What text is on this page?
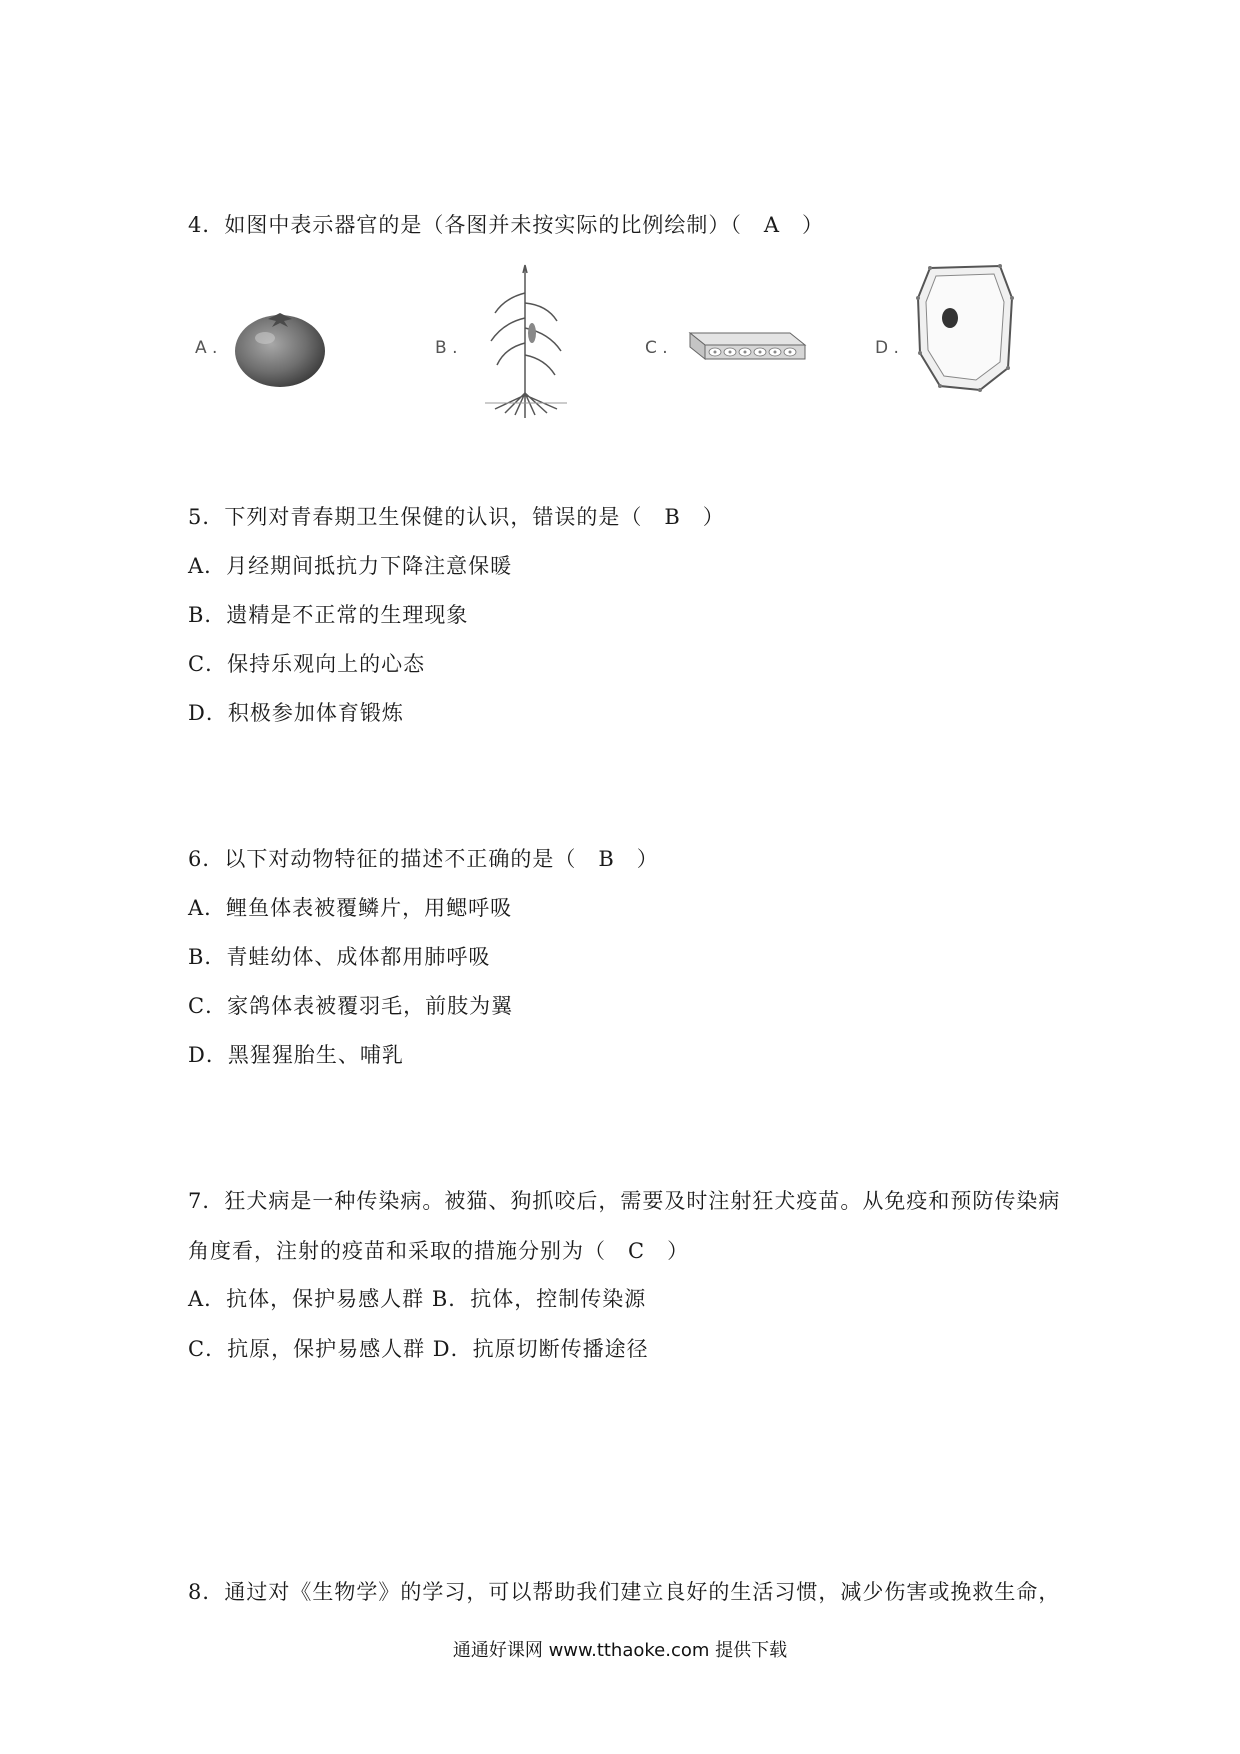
4．如图中表示器官的是（各图并未按实际的比例绘制）（　A　）
A .	B .	C .	D .
5．下列对青春期卫生保健的认识，错误的是（　B　）
A．月经期间抵抗力下降注意保暖
B．遗精是不正常的生理现象
C．保持乐观向上的心态
D．积极参加体育锻炼
6．以下对动物特征的描述不正确的是（　B　）
A．鲤鱼体表被覆鳞片，用鳃呼吸
B．青蛙幼体、成体都用肺呼吸
C．家鸽体表被覆羽毛，前肢为翼
D．黑猩猩胎生、哺乳
7．狂犬病是一种传染病。被猫、狗抓咬后，需要及时注射狂犬疫苗。从免疫和预防传染病
角度看，注射的疫苗和采取的措施分别为（　C　）
A．抗体，保护易感人群 B．抗体，控制传染源
C．抗原，保护易感人群 D．抗原切断传播途径
8．通过对《生物学》的学习，可以帮助我们建立良好的生活习惯，减少伤害或挽救生命，
通通好课网 www.tthaoke.com 提供下载
